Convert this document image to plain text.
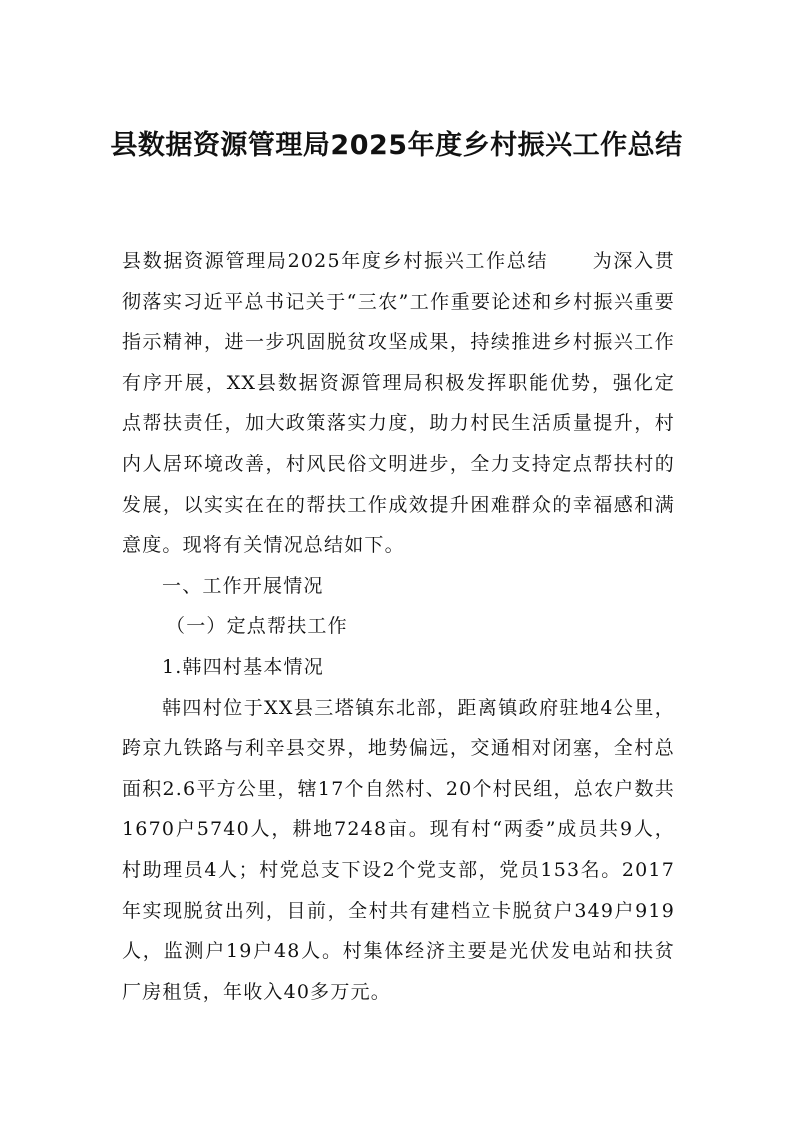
县数据资源管理局2025年度乡村振兴工作总结

县数据资源管理局2025年度乡村振兴工作总结 为深入贯彻落实习近平总书记关于“三农”工作重要论述和乡村振兴重要指示精神，进一步巩固脱贫攻坚成果，持续推进乡村振兴工作有序开展，XX县数据资源管理局积极发挥职能优势，强化定点帮扶责任，加大政策落实力度，助力村民生活质量提升，村内人居环境改善，村风民俗文明进步，全力支持定点帮扶村的发展，以实实在在的帮扶工作成效提升困难群众的幸福感和满意度。现将有关情况总结如下。

一、工作开展情况

（一）定点帮扶工作

1.韩四村基本情况

韩四村位于XX县三塔镇东北部，距离镇政府驻地4公里，跨京九铁路与利辛县交界，地势偏远，交通相对闭塞，全村总面积2.6平方公里，辖17个自然村、20个村民组，总农户数共1670户5740人，耕地7248亩。现有村“两委”成员共9人，村助理员4人；村党总支下设2个党支部，党员153名。2017年实现脱贫出列，目前，全村共有建档立卡脱贫户349户919人，监测户19户48人。村集体经济主要是光伏发电站和扶贫厂房租赁，年收入40多万元。
